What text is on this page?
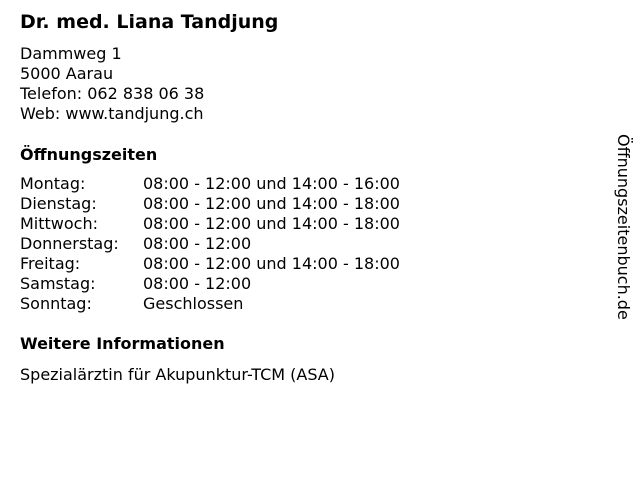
Dr. med. Liana Tandjung
Dammweg 1
5000 Aarau
Telefon: 062 838 06 38
Web: www.tandjung.ch
Öffnungszeiten
Montag:	08:00 - 12:00 und 14:00 - 16:00
Dienstag:	08:00 - 12:00 und 14:00 - 18:00
Mittwoch:	08:00 - 12:00 und 14:00 - 18:00
Donnerstag: 08:00 - 12:00
Freitag:	08:00 - 12:00 und 14:00 - 18:00
Samstag:	08:00 - 12:00
Sonntag:	Geschlossen
Weitere Informationen
Spezialärztin für Akupunktur-TCM (ASA)
Öffnungszeitenbuch.de
